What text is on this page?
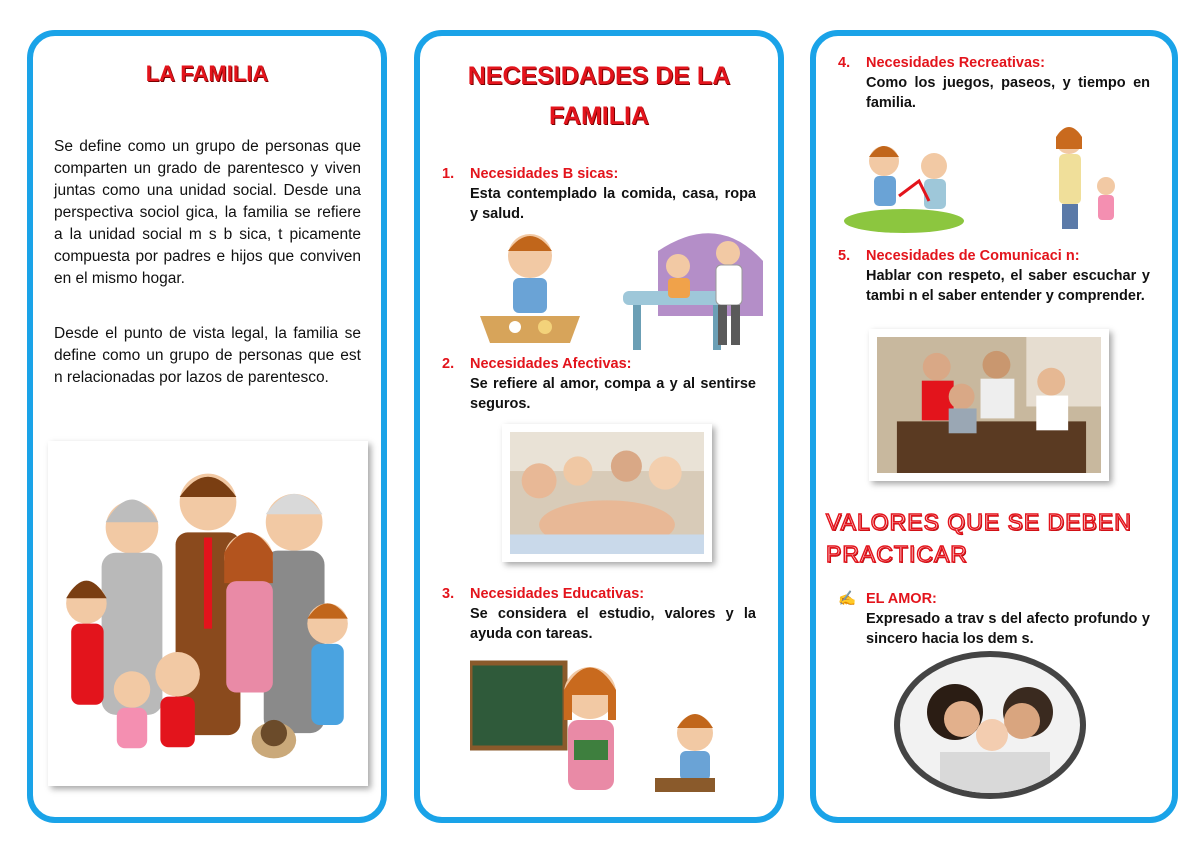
LA FAMILIA

Se define como un grupo de personas que comparten un grado de parentesco y viven juntas como una unidad social. Desde una perspectiva sociol gica, la familia se refiere a la unidad social m s b sica, t picamente compuesta por padres e hijos que conviven en el mismo hogar.

Desde el punto de vista legal, la familia se define como un grupo de personas que est n relacionadas por lazos de parentesco.

NECESIDADES DE LA FAMILIA
1. Necesidades B sicas:
Esta contemplado la comida, casa, ropa y salud.
2. Necesidades Afectivas:
Se refiere al amor, compa a y al sentirse seguros.
3. Necesidades Educativas:
Se considera el estudio, valores y la ayuda con tareas.
4. Necesidades Recreativas:
Como los juegos, paseos, y tiempo en familia.
5. Necesidades de Comunicaci n:
Hablar con respeto, el saber escuchar y tambi n el saber entender y comprender.
VALORES QUE SE DEBEN PRACTICAR
✍ EL AMOR:
Expresado a trav s del afecto profundo y sincero hacia los dem s.
